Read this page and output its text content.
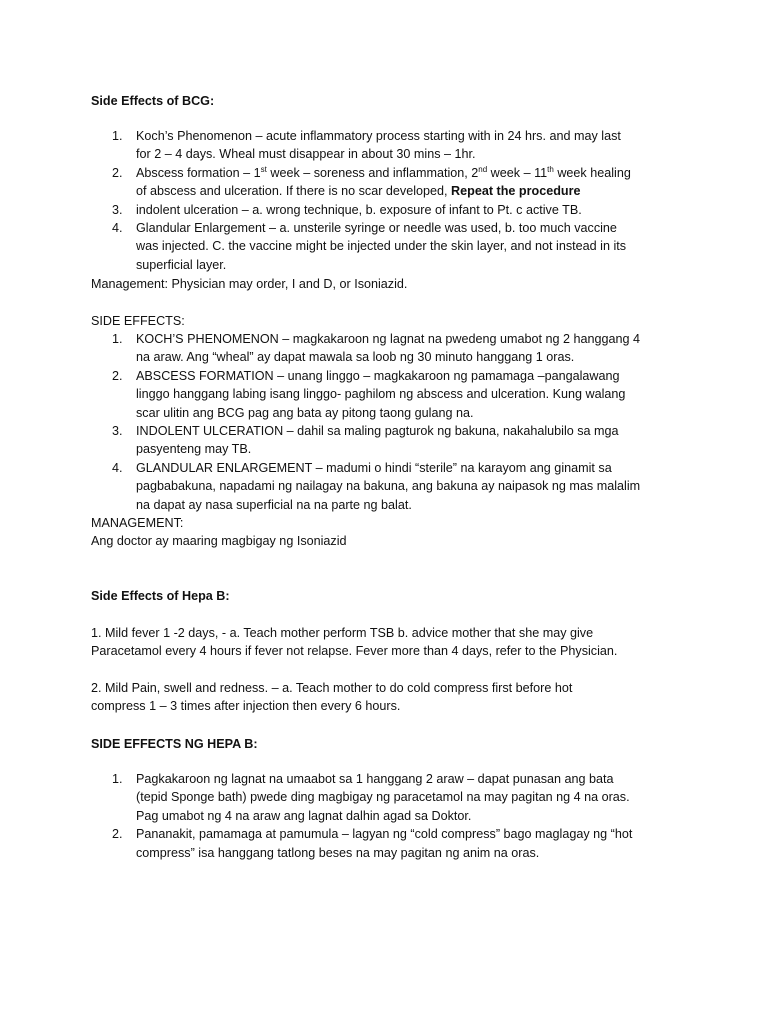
Side Effects of BCG:
1. Koch’s Phenomenon – acute inflammatory process starting with in 24 hrs. and may last
for 2 – 4 days. Wheal must disappear in about 30 mins – 1hr.
2. Abscess formation – 1st week – soreness and inflammation, 2nd week – 11th week healing
of abscess and ulceration. If there is no scar developed, Repeat the procedure
3. indolent ulceration – a. wrong technique, b. exposure of infant to Pt. c active TB.
4. Glandular Enlargement – a. unsterile syringe or needle was used, b. too much vaccine
was injected. C. the vaccine might be injected under the skin layer, and not instead in its
superficial layer.
Management: Physician may order, I and D, or Isoniazid.
SIDE EFFECTS:
1. KOCH’S PHENOMENON – magkakaroon ng lagnat na pwedeng umabot ng 2 hanggang 4
na araw. Ang “wheal” ay dapat mawala sa loob ng 30 minuto hanggang 1 oras.
2. ABSCESS FORMATION – unang linggo – magkakaroon ng pamamaga –pangalawang
linggo hanggang labing isang linggo- paghilom ng abscess and ulceration. Kung walang
scar ulitin ang BCG pag ang bata ay pitong taong gulang na.
3. INDOLENT ULCERATION – dahil sa maling pagturok ng bakuna, nakahalubilo sa mga
pasyenteng may TB.
4. GLANDULAR ENLARGEMENT – madumi o hindi “sterile” na karayom ang ginamit sa
pagbabakuna, napadami ng nailagay na bakuna, ang bakuna ay naipasok ng mas malalim
na dapat ay nasa superficial na na parte ng balat.
MANAGEMENT:
Ang doctor ay maaring magbigay ng Isoniazid
Side Effects of Hepa B:
1. Mild fever 1 -2 days, - a. Teach mother perform TSB b. advice mother that she may give
Paracetamol every 4 hours if fever not relapse. Fever more than 4 days, refer to the Physician.
2. Mild Pain, swell and redness. – a. Teach mother to do cold compress first before hot
compress 1 – 3 times after injection then every 6 hours.
SIDE EFFECTS NG HEPA B:
1. Pagkakaroon ng lagnat na umaabot sa 1 hanggang 2 araw – dapat punasan ang bata
(tepid Sponge bath) pwede ding magbigay ng paracetamol na may pagitan ng 4 na oras.
Pag umabot ng 4 na araw ang lagnat dalhin agad sa Doktor.
2. Pananakit, pamamaga at pamumula – lagyan ng “cold compress” bago maglagay ng “hot
compress” isa hanggang tatlong beses na may pagitan ng anim na oras.
